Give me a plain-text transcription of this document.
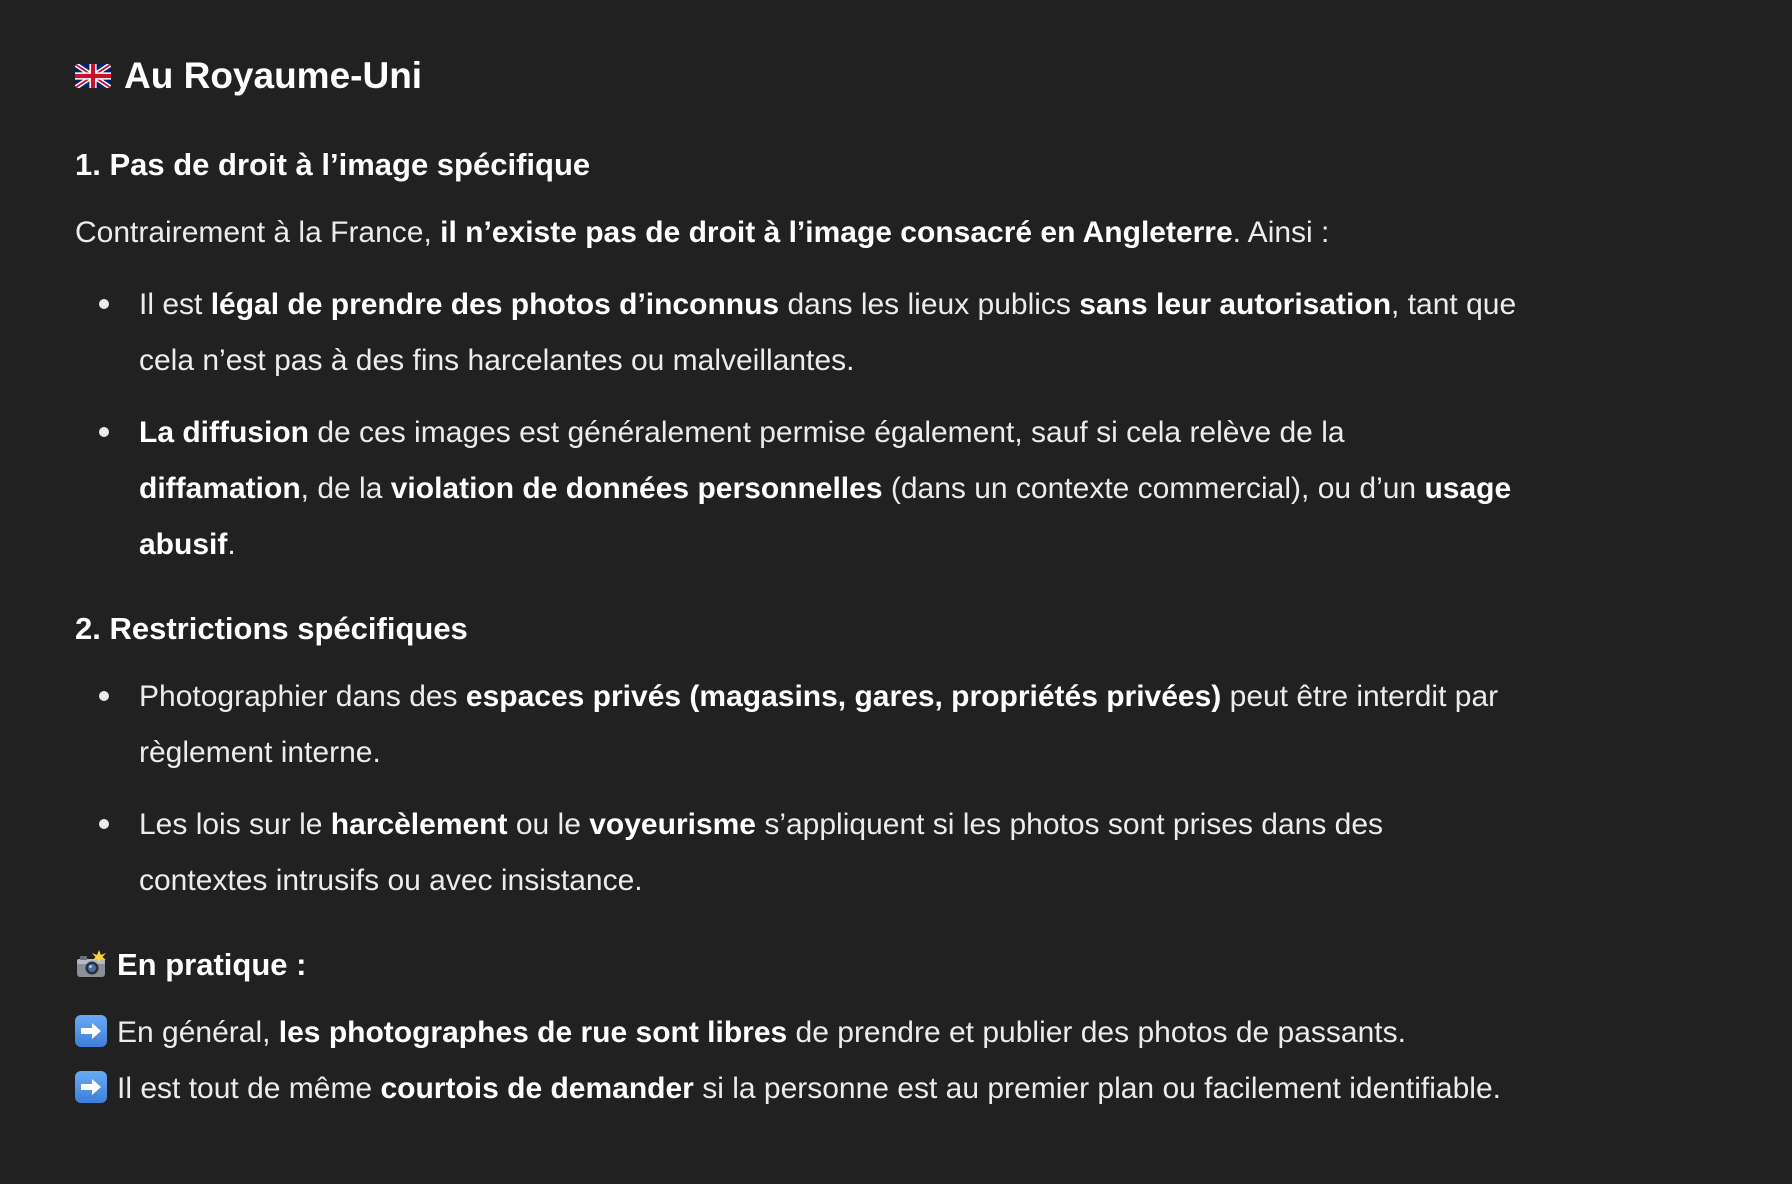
Au Royaume-Uni
1. Pas de droit à l’image spécifique
Contrairement à la France, il n’existe pas de droit à l’image consacré en Angleterre. Ainsi :
Il est légal de prendre des photos d’inconnus dans les lieux publics sans leur autorisation, tant que
cela n’est pas à des fins harcelantes ou malveillantes.
La diffusion de ces images est généralement permise également, sauf si cela relève de la
diffamation, de la violation de données personnelles (dans un contexte commercial), ou d’un usage
abusif.
2. Restrictions spécifiques
Photographier dans des espaces privés (magasins, gares, propriétés privées) peut être interdit par
règlement interne.
Les lois sur le harcèlement ou le voyeurisme s’appliquent si les photos sont prises dans des
contextes intrusifs ou avec insistance.
En pratique :
En général, les photographes de rue sont libres de prendre et publier des photos de passants.
Il est tout de même courtois de demander si la personne est au premier plan ou facilement identifiable.
